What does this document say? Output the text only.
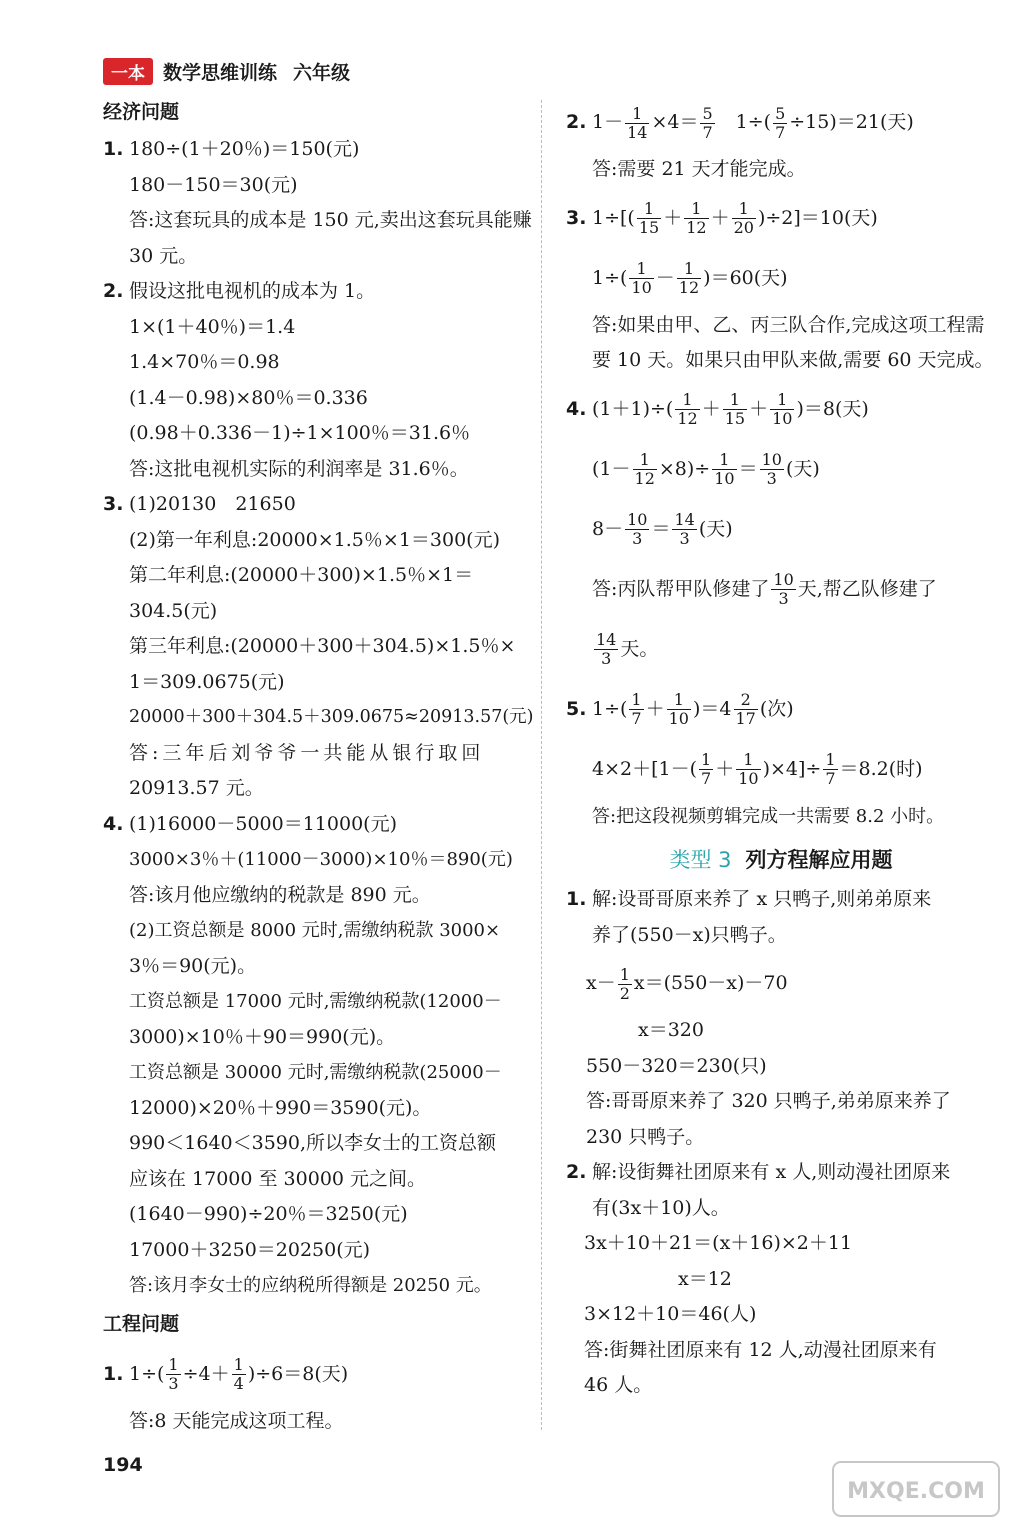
一本 数学思维训练 六年级
经济问题
1. 180÷(1＋20％)＝150(元)
180－150＝30(元)
答:这套玩具的成本是 150 元,卖出这套玩具能赚 30 元。
2. 假设这批电视机的成本为 1。
1×(1＋40％)＝1.4
1.4×70％＝0.98
(1.4－0.98)×80％＝0.336
(0.98＋0.336－1)÷1×100％＝31.6％
答:这批电视机实际的利润率是 31.6％。
3. (1)20130　21650
(2)第一年利息:20000×1.5％×1＝300(元)
第二年利息:(20000＋300)×1.5％×1＝
304.5(元)
第三年利息:(20000＋300＋304.5)×1.5％×
1＝309.0675(元)
20000＋300＋304.5＋309.0675≈20913.57(元)
答:三年后刘爷爷一共能从银行取回
20913.57 元。
4. (1)16000－5000＝11000(元)
3000×3％＋(11000－3000)×10％＝890(元)
答:该月他应缴纳的税款是 890 元。
(2)工资总额是 8000 元时,需缴纳税款 3000×
3％＝90(元)。
工资总额是 17000 元时,需缴纳税款(12000－
3000)×10％＋90＝990(元)。
工资总额是 30000 元时,需缴纳税款(25000－
12000)×20％＋990＝3590(元)。
990＜1640＜3590,所以李女士的工资总额
应该在 17000 至 30000 元之间。
(1640－990)÷20％＝3250(元)
17000＋3250＝20250(元)
答:该月李女士的应纳税所得额是 20250 元。
工程问题
1. $1\div( \frac{1}{3} \div 4+ \frac{1}{4} )\div 6=8$(天)
答:8 天能完成这项工程。
2. $1- \frac{1}{14} \times 4= \frac{5}{7}$ 　$1\div( \frac{5}{7} \div 15)=21$(天)
答:需要 21 天才能完成。
3. $1\div[( \frac{1}{15} + \frac{1}{12} + \frac{1}{20} )\div 2]=10$(天)
$1\div( \frac{1}{10} - \frac{1}{12} )=60$(天)
答:如果由甲、乙、丙三队合作,完成这项工程需要 10 天。如果只由甲队来做,需要 60 天完成。
4. $(1+1)\div( \frac{1}{12} + \frac{1}{15} + \frac{1}{10} )=8$(天)
$(1- \frac{1}{12} \times 8)\div \frac{1}{10} = \frac{10}{3}$ (天)
$8- \frac{10}{3} = \frac{14}{3}$ (天)
答:丙队帮甲队修建了 $\frac{10}{3}$ 天,帮乙队修建了
$\frac{14}{3}$ 天。
5. $1\div( \frac{1}{7} + \frac{1}{10} )=4 \frac{2}{17}$ (次)
$4\times 2+[1-( \frac{1}{7} + \frac{1}{10} )\times 4]\div \frac{1}{7} =8.2$(时)
答:把这段视频剪辑完成一共需要 8.2 小时。
类型 3 列方程解应用题
1. 解:设哥哥原来养了 x 只鸭子,则弟弟原来
养了(550－x)只鸭子。
$x- \frac{1}{2} x=(550-x)-70$
x＝320
550－320＝230(只)
答:哥哥原来养了 320 只鸭子,弟弟原来养了
230 只鸭子。
2. 解:设街舞社团原来有 x 人,则动漫社团原来
有(3x＋10)人。
3x＋10＋21＝(x＋16)×2＋11
x＝12
3×12＋10＝46(人)
答:街舞社团原来有 12 人,动漫社团原来有
46 人。
194
MXQE.COM
